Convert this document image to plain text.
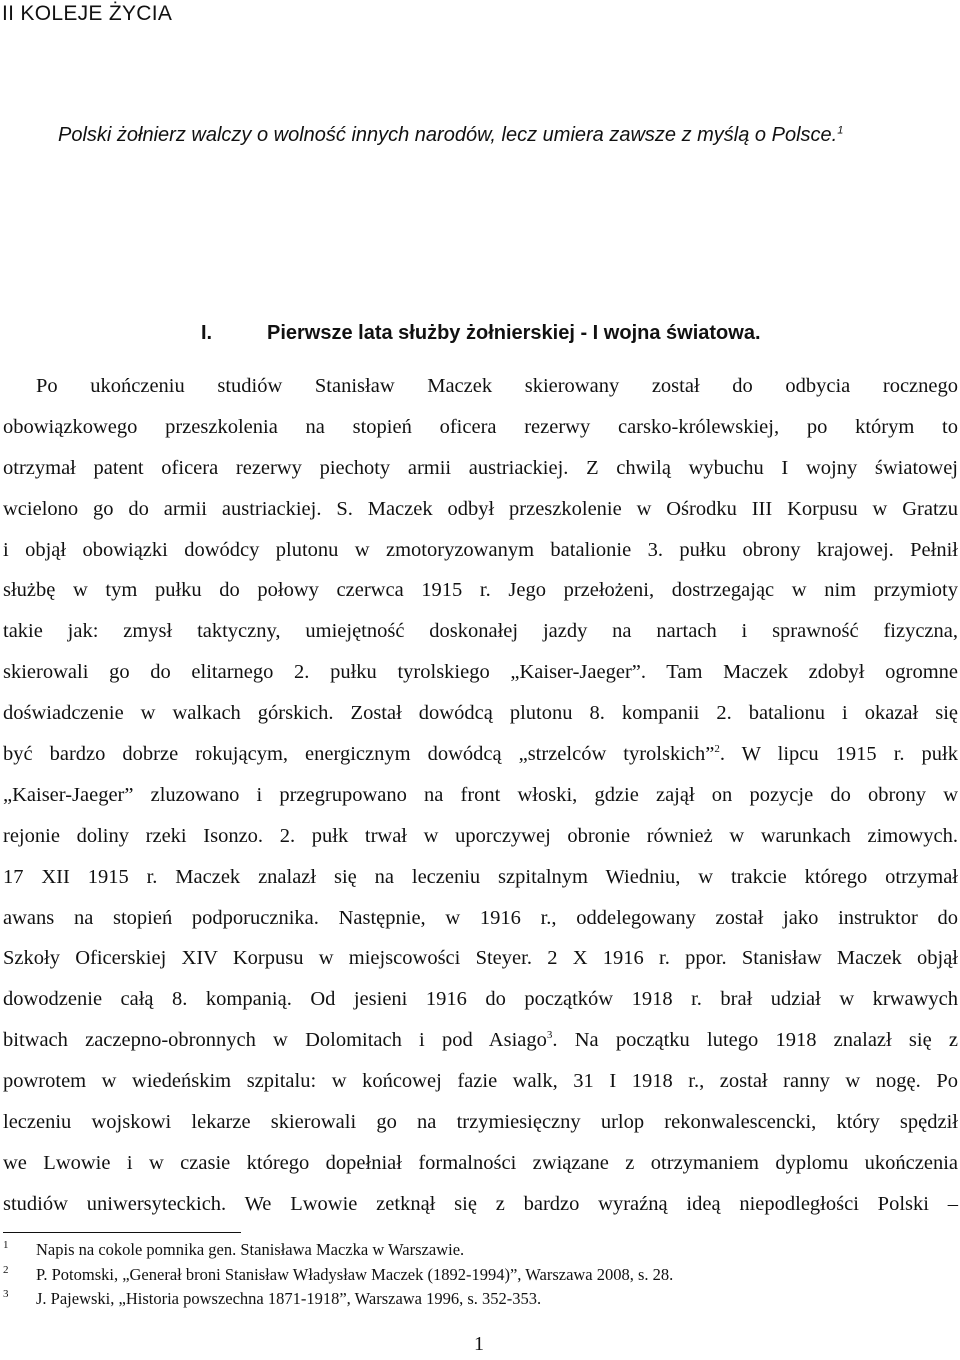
II KOLEJE ŻYCIA
Polski żołnierz walczy o wolność innych narodów, lecz umiera zawsze z myślą o Polsce.$^1$
I.	Pierwsze lata służby żołnierskiej - I wojna światowa.
Po ukończeniu studiów Stanisław Maczek skierowany został do odbycia rocznego
obowiązkowego przeszkolenia na stopień oficera rezerwy carsko-królewskiej, po którym to
otrzymał patent oficera rezerwy piechoty armii austriackiej. Z chwilą wybuchu I wojny światowej
wcielono go do armii austriackiej. S. Maczek odbył przeszkolenie w Ośrodku III Korpusu w Gratzu
i objął obowiązki dowódcy plutonu w zmotoryzowanym batalionie 3. pułku obrony krajowej. Pełnił
służbę w tym pułku do połowy czerwca 1915 r. Jego przełożeni, dostrzegając w nim przymioty
takie jak: zmysł taktyczny, umiejętność doskonałej jazdy na nartach i sprawność fizyczna,
skierowali go do elitarnego 2. pułku tyrolskiego „Kaiser-Jaeger”. Tam Maczek zdobył ogromne
doświadczenie w walkach górskich. Został dowódcą plutonu 8. kompanii 2. batalionu i okazał się
być bardzo dobrze rokującym, energicznym dowódcą „strzelców tyrolskich”$^2$. W lipcu 1915 r. pułk
„Kaiser-Jaeger” zluzowano i przegrupowano na front włoski, gdzie zajął on pozycje do obrony w
rejonie doliny rzeki Isonzo. 2. pułk trwał w uporczywej obronie również w warunkach zimowych.
17 XII 1915 r. Maczek znalazł się na leczeniu szpitalnym Wiedniu, w trakcie którego otrzymał
awans na stopień podporucznika. Następnie, w 1916 r., oddelegowany został jako instruktor do
Szkoły Oficerskiej XIV Korpusu w miejscowości Steyer. 2 X 1916 r. ppor. Stanisław Maczek objął
dowodzenie całą 8. kompanią. Od jesieni 1916 do początków 1918 r. brał udział w krwawych
bitwach zaczepno-obronnych w Dolomitach i pod Asiago$^3$. Na początku lutego 1918 znalazł się z
powrotem w wiedeńskim szpitalu: w końcowej fazie walk, 31 I 1918 r., został ranny w nogę. Po
leczeniu wojskowi lekarze skierowali go na trzymiesięczny urlop rekonwalescencki, który spędził
we Lwowie i w czasie którego dopełniał formalności związane z otrzymaniem dyplomu ukończenia
studiów uniwersyteckich. We Lwowie zetknął się z bardzo wyraźną ideą niepodległości Polski –
1 Napis na cokole pomnika gen. Stanisława Maczka w Warszawie.
2 P. Potomski, „Generał broni Stanisław Władysław Maczek (1892-1994)”, Warszawa 2008, s. 28.
3 J. Pajewski, „Historia powszechna 1871-1918”, Warszawa 1996, s. 352-353.
1
